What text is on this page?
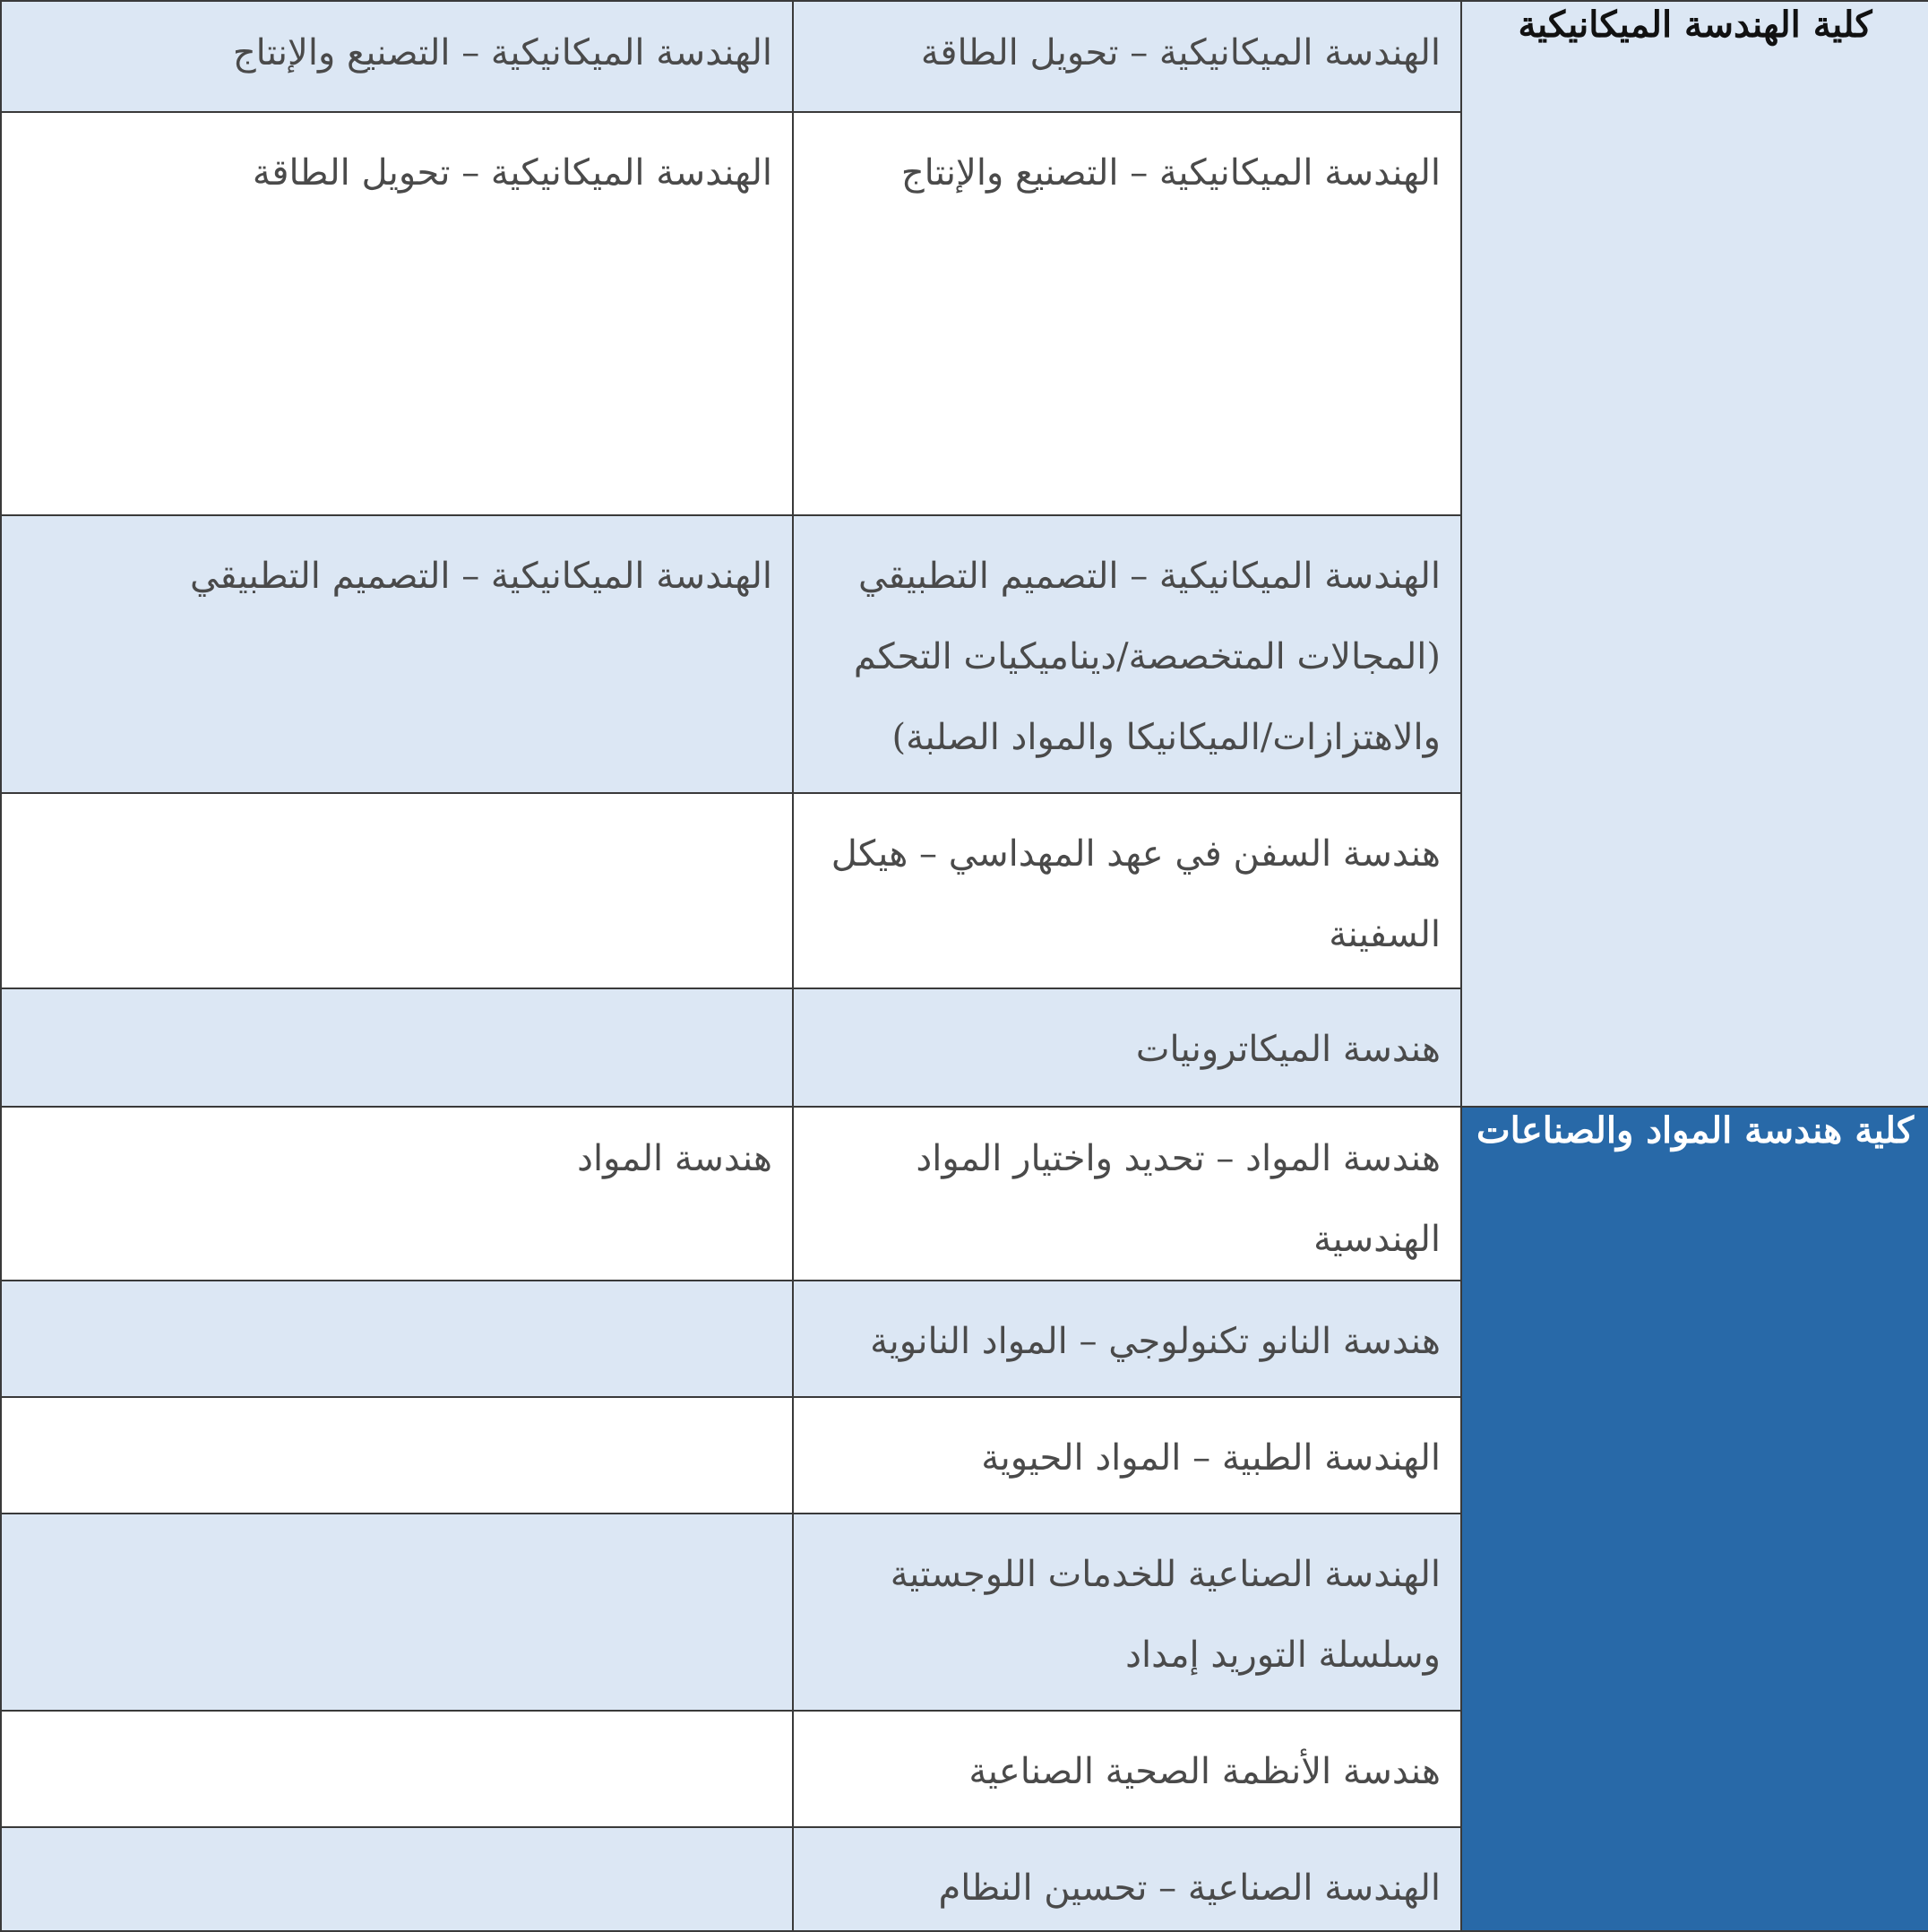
كلية الهندسة الميكانيكية	الهندسة الميكانيكية – تحويل الطاقة	الهندسة الميكانيكية – التصنيع والإنتاج

	الهندسة الميكانيكية – التصنيع والإنتاج	الهندسة الميكانيكية – تحويل الطاقة

	الهندسة الميكانيكية – التصميم التطبيقي (المجالات المتخصصة/ديناميكيات التحكم والاهتزازات/الميكانيكا والمواد الصلبة)	الهندسة الميكانيكية – التصميم التطبيقي

	هندسة السفن في عهد المهداسي – هيكل السفينة	

	هندسة الميكاترونيات	

كلية هندسة المواد والصناعات	هندسة المواد – تحديد واختيار المواد الهندسية	هندسة المواد

	هندسة النانو تكنولوجي – المواد النانوية	

	الهندسة الطبية – المواد الحيوية	

	الهندسة الصناعية للخدمات اللوجستية وسلسلة التوريد إمداد	

	هندسة الأنظمة الصحية الصناعية	

	الهندسة الصناعية – تحسين النظام	
